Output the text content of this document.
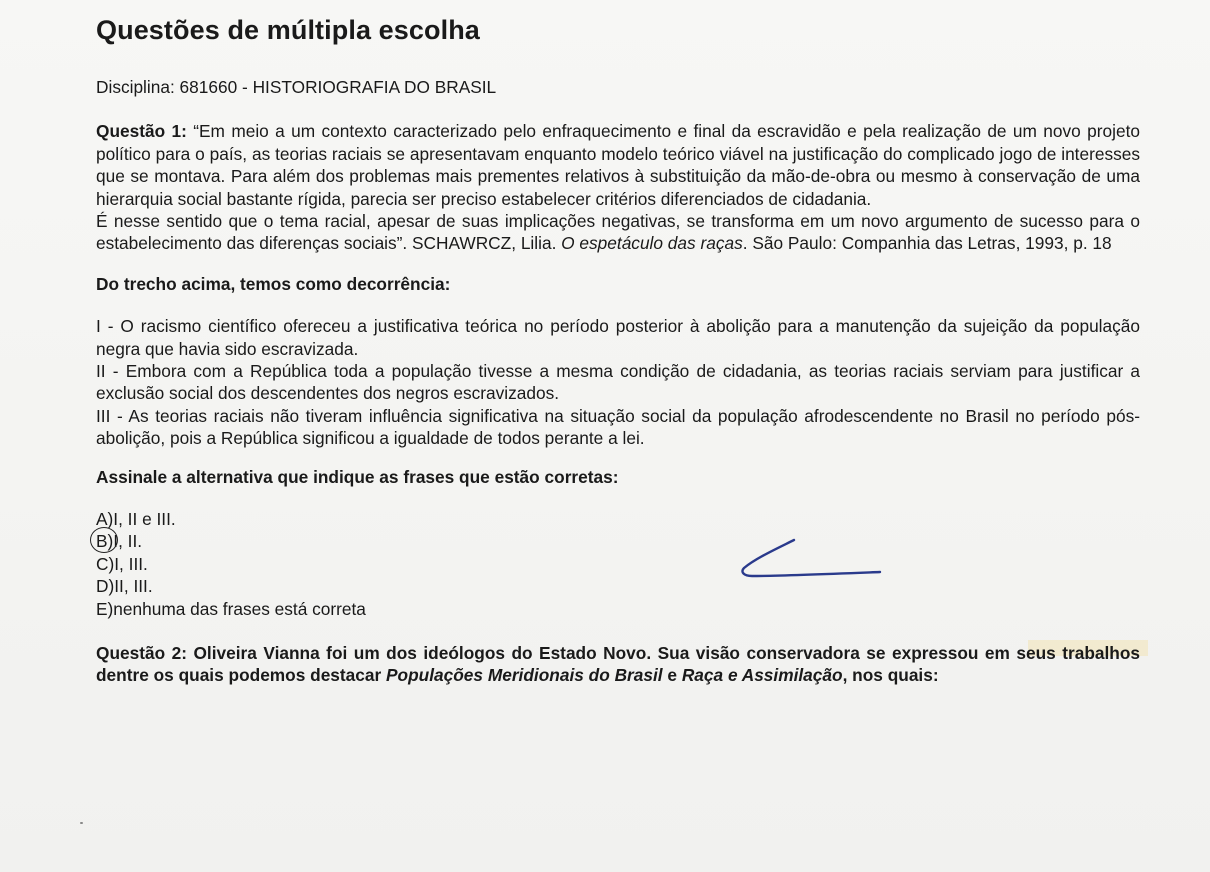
Questões de múltipla escolha
Disciplina: 681660 - HISTORIOGRAFIA DO BRASIL

Questão 1: “Em meio a um contexto caracterizado pelo enfraquecimento e final da escravidão e pela realização de um novo projeto político para o país, as teorias raciais se apresentavam enquanto modelo teórico viável na justificação do complicado jogo de interesses que se montava. Para além dos problemas mais prementes relativos à substituição da mão-de-obra ou mesmo à conservação de uma hierarquia social bastante rígida, parecia ser preciso estabelecer critérios diferenciados de cidadania.

É nesse sentido que o tema racial, apesar de suas implicações negativas, se transforma em um novo argumento de sucesso para o estabelecimento das diferenças sociais”. SCHAWRCZ, Lilia. O espetáculo das raças. São Paulo: Companhia das Letras, 1993, p. 18

Do trecho acima, temos como decorrência:

I - O racismo científico ofereceu a justificativa teórica no período posterior à abolição para a manutenção da sujeição da população negra que havia sido escravizada.

II - Embora com a República toda a população tivesse a mesma condição de cidadania, as teorias raciais serviam para justificar a exclusão social dos descendentes dos negros escravizados.

III - As teorias raciais não tiveram influência significativa na situação social da população afrodescendente no Brasil no período pós-abolição, pois a República significou a igualdade de todos perante a lei.

Assinale a alternativa que indique as frases que estão corretas:
A) I, II e III.
B) I, II.
C) I, III.
D) II, III.
E) nenhuma das frases está correta
Questão 2: Oliveira Vianna foi um dos ideólogos do Estado Novo. Sua visão conservadora se expressou em seus trabalhos dentre os quais podemos destacar Populações Meridionais do Brasil e Raça e Assimilação, nos quais:
